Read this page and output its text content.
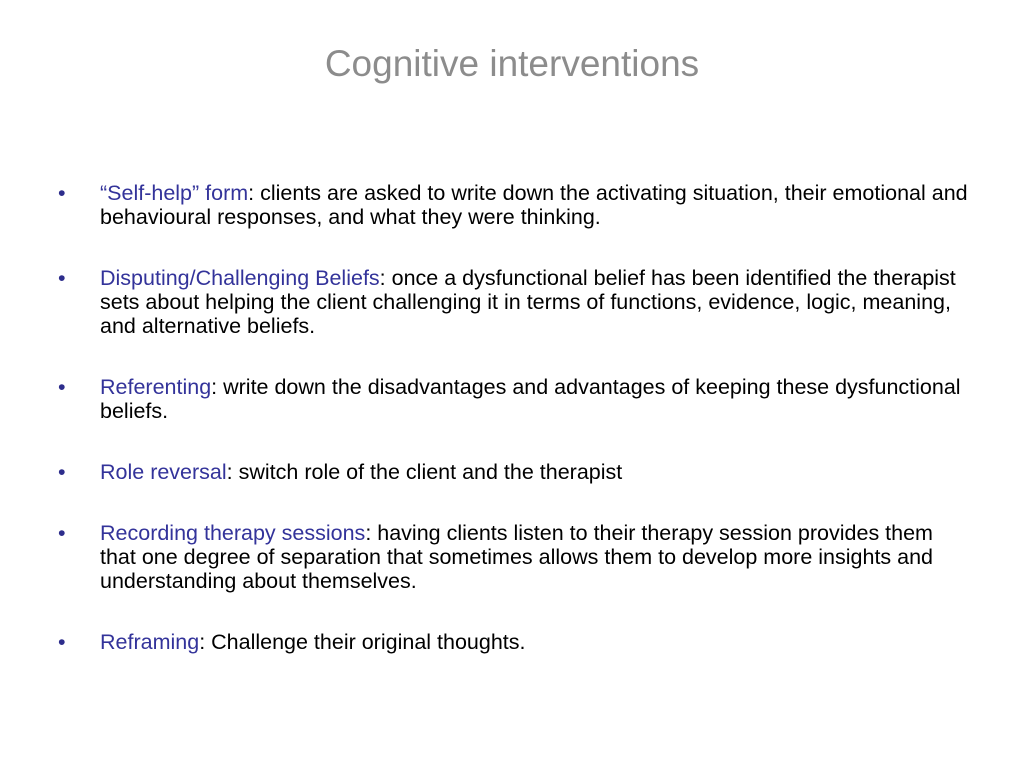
Cognitive interventions
•	“Self-help” form: clients are asked to write down the activating situation, their emotional and behavioural responses, and what they were thinking.
•	Disputing/Challenging Beliefs: once a dysfunctional belief has been identified the therapist sets about helping the client challenging it in terms of functions, evidence, logic, meaning, and alternative beliefs.
•	Referenting: write down the disadvantages and advantages of keeping these dysfunctional beliefs.
•	Role reversal: switch role of the client and the therapist
•	Recording therapy sessions: having clients listen to their therapy session provides them that one degree of separation that sometimes allows them to develop more insights and understanding about themselves.
•	Reframing: Challenge their original thoughts.
